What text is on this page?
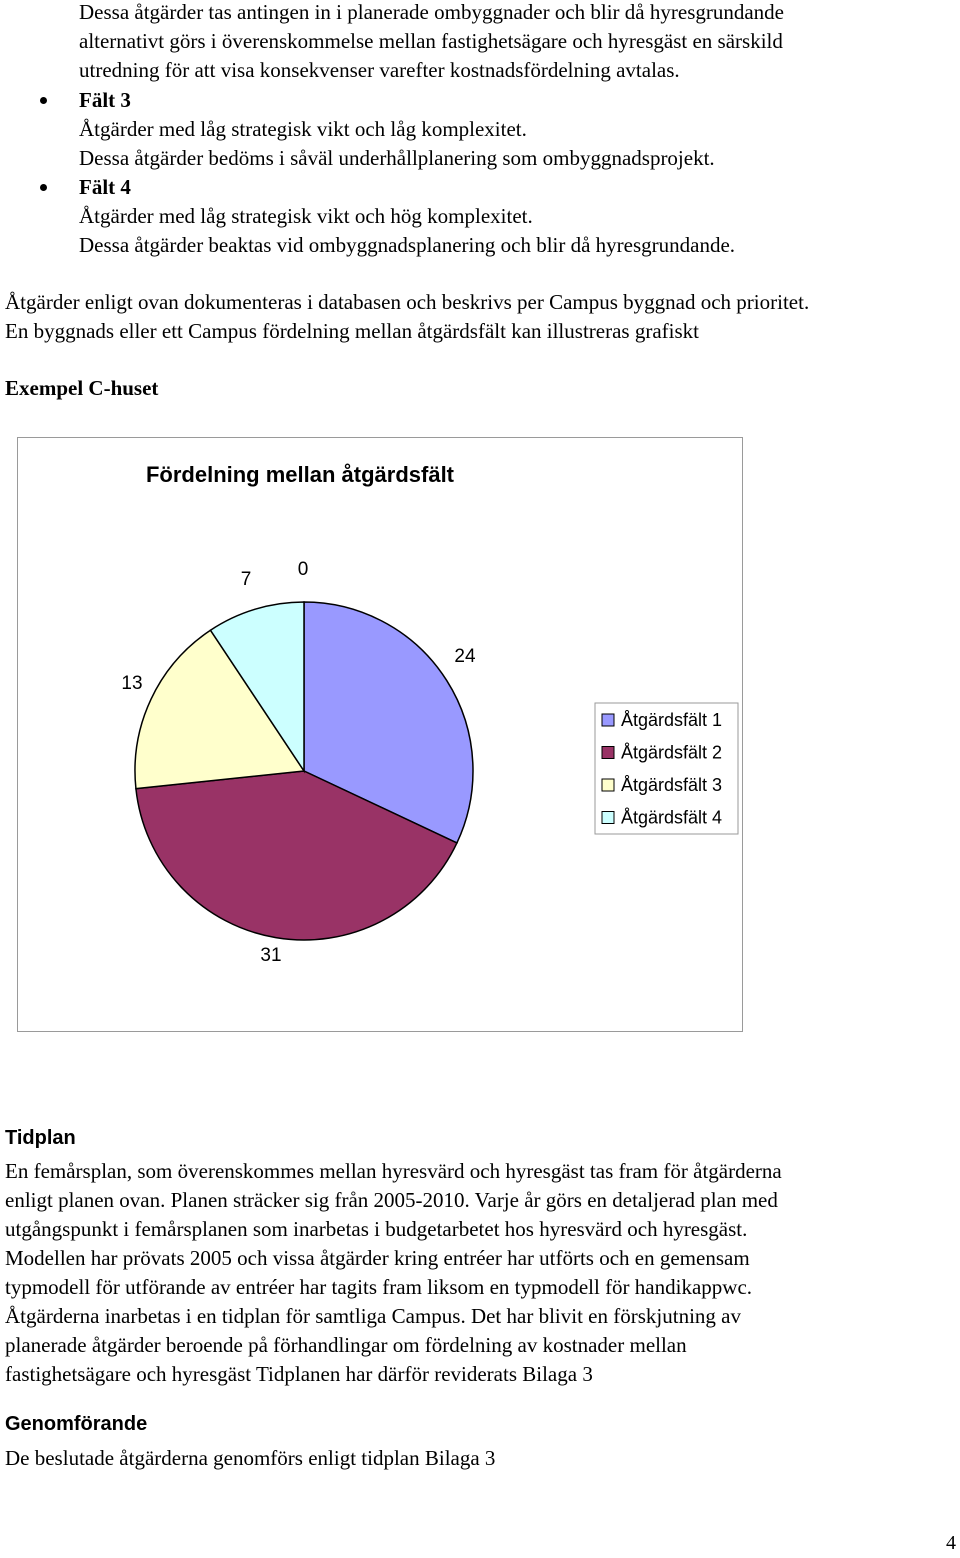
Dessa åtgärder tas antingen in i planerade ombyggnader och blir då hyresgrundande
alternativt görs i överenskommelse mellan fastighetsägare och hyresgäst en särskild
utredning för att visa konsekvenser varefter kostnadsfördelning avtalas.
Fält 3
Åtgärder med låg strategisk vikt och låg komplexitet.
Dessa åtgärder bedöms i såväl underhållplanering som ombyggnadsprojekt.
Fält 4
Åtgärder med låg strategisk vikt och hög komplexitet.
Dessa åtgärder beaktas vid ombyggnadsplanering och blir då hyresgrundande.
Åtgärder enligt ovan dokumenteras i databasen och beskrivs per Campus byggnad och prioritet.
En byggnads eller ett Campus fördelning mellan åtgärdsfält kan illustreras grafiskt
Exempel C-huset
Fördelning mellan åtgärdsfält
24
31
13
7 0
Åtgärdsfält 1
Åtgärdsfält 2
Åtgärdsfält 3
Åtgärdsfält 4
Tidplan
En femårsplan, som överenskommes mellan hyresvärd och hyresgäst tas fram för åtgärderna
enligt planen ovan. Planen sträcker sig från 2005-2010. Varje år görs en detaljerad plan med
utgångspunkt i femårsplanen som inarbetas i budgetarbetet hos hyresvärd och hyresgäst.
Modellen har prövats 2005 och vissa åtgärder kring entréer har utförts och en gemensam
typmodell för utförande av entréer har tagits fram liksom en typmodell för handikappwc.
Åtgärderna inarbetas i en tidplan för samtliga Campus. Det har blivit en förskjutning av
planerade åtgärder beroende på förhandlingar om fördelning av kostnader mellan
fastighetsägare och hyresgäst Tidplanen har därför reviderats Bilaga 3
Genomförande
De beslutade åtgärderna genomförs enligt tidplan Bilaga 3
4
